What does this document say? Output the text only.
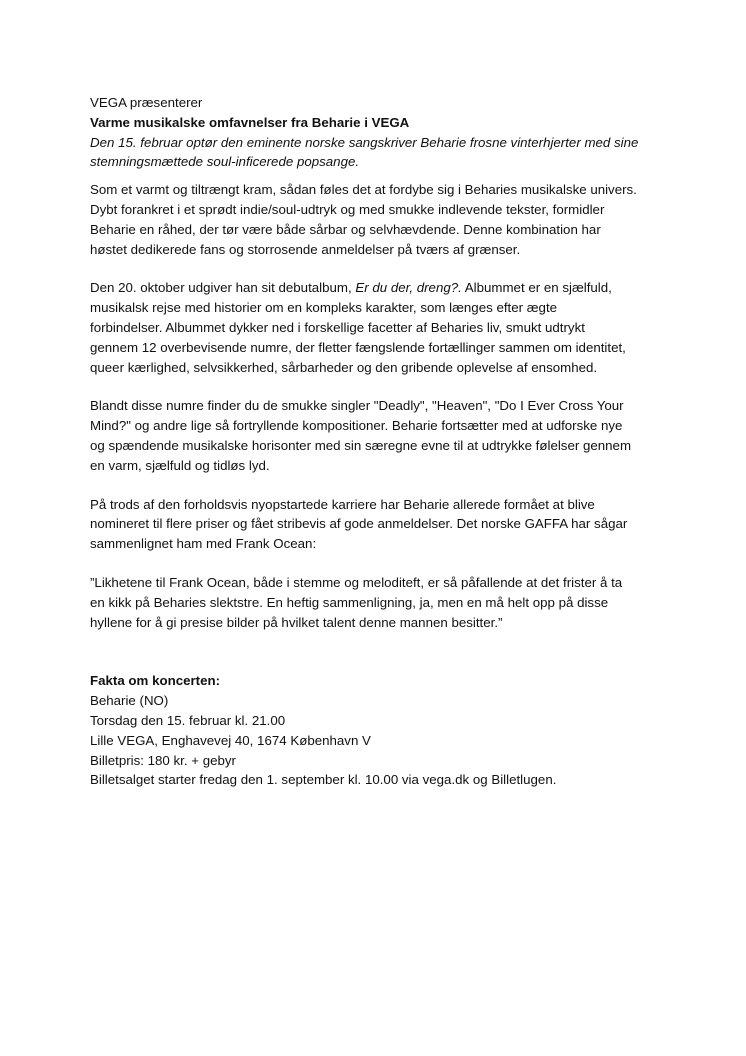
VEGA præsenterer
Varme musikalske omfavnelser fra Beharie i VEGA
Den 15. februar optør den eminente norske sangskriver Beharie frosne vinterhjerter med sine
stemningsmættede soul-inficerede popsange.
Som et varmt og tiltrængt kram, sådan føles det at fordybe sig i Beharies musikalske univers.
Dybt forankret i et sprødt indie/soul-udtryk og med smukke indlevende tekster, formidler
Beharie en råhed, der tør være både sårbar og selvhævdende. Denne kombination har
høstet dedikerede fans og storrosende anmeldelser på tværs af grænser.
Den 20. oktober udgiver han sit debutalbum, Er du der, dreng?. Albummet er en sjælfuld,
musikalsk rejse med historier om en kompleks karakter, som længes efter ægte
forbindelser. Albummet dykker ned i forskellige facetter af Beharies liv, smukt udtrykt
gennem 12 overbevisende numre, der fletter fængslende fortællinger sammen om identitet,
queer kærlighed, selvsikkerhed, sårbarheder og den gribende oplevelse af ensomhed.
Blandt disse numre finder du de smukke singler "Deadly", "Heaven", "Do I Ever Cross Your
Mind?" og andre lige så fortryllende kompositioner. Beharie fortsætter med at udforske nye
og spændende musikalske horisonter med sin særegne evne til at udtrykke følelser gennem
en varm, sjælfuld og tidløs lyd.
På trods af den forholdsvis nyopstartede karriere har Beharie allerede formået at blive
nomineret til flere priser og fået stribevis af gode anmeldelser. Det norske GAFFA har sågar
sammenlignet ham med Frank Ocean:
”Likhetene til Frank Ocean, både i stemme og meloditeft, er så påfallende at det frister å ta
en kikk på Beharies slektstre. En heftig sammenligning, ja, men en må helt opp på disse
hyllene for å gi presise bilder på hvilket talent denne mannen besitter.”
Fakta om koncerten:
Beharie (NO)
Torsdag den 15. februar kl. 21.00
Lille VEGA, Enghavevej 40, 1674 København V
Billetpris: 180 kr. + gebyr
Billetsalget starter fredag den 1. september kl. 10.00 via vega.dk og Billetlugen.
